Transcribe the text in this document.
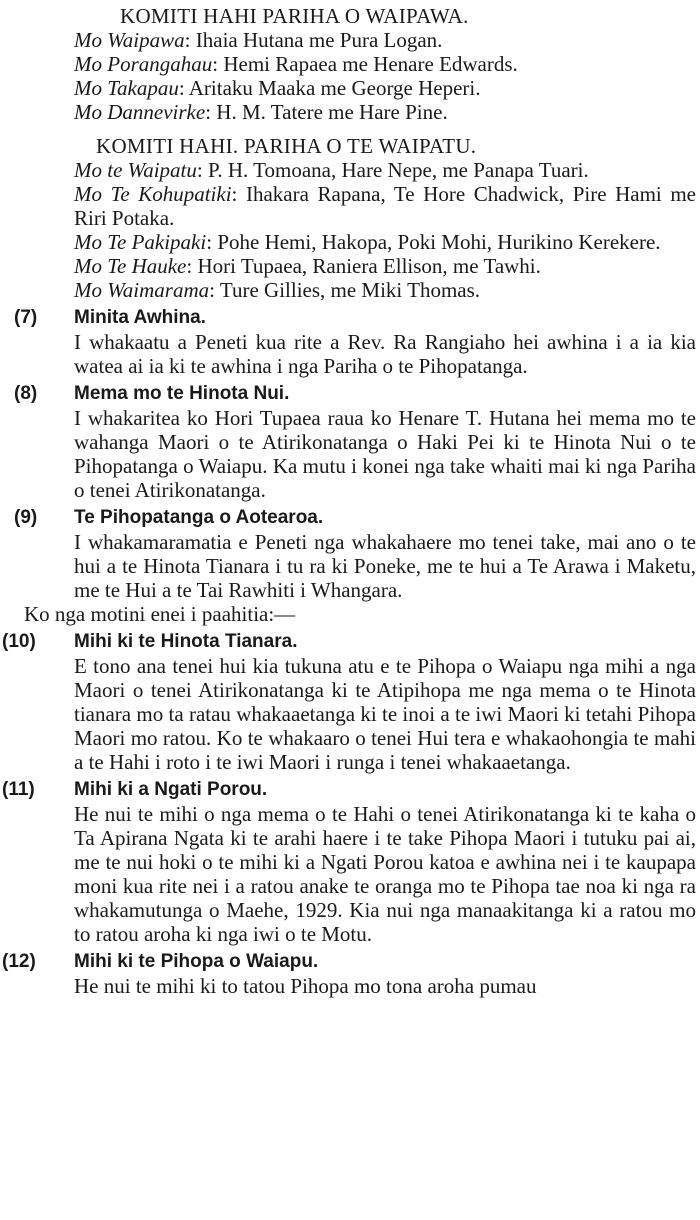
KOMITI HAHI PARIHA O WAIPAWA.
Mo Waipawa: Ihaia Hutana me Pura Logan.
Mo Porangahau: Hemi Rapaea me Henare Edwards.
Mo Takapau: Aritaku Maaka me George Heperi.
Mo Dannevirke: H. M. Tatere me Hare Pine.
KOMITI HAHI. PARIHA O TE WAIPATU.
Mo te Waipatu: P. H. Tomoana, Hare Nepe, me Panapa Tuari.
Mo Te Kohupatiki: Ihakara Rapana, Te Hore Chadwick, Pire Hami me Riri Potaka.
Mo Te Pakipaki: Pohe Hemi, Hakopa, Poki Mohi, Hurikino Kerekere.
Mo Te Hauke: Hori Tupaea, Raniera Ellison, me Tawhi.
Mo Waimarama: Ture Gillies, me Miki Thomas.
(7)	Minita Awhina.

I whakaatu a Peneti kua rite a Rev. Ra Rangiaho hei awhina i a ia kia watea ai ia ki te awhina i nga Pariha o te Pihopatanga.

(8)	Mema mo te Hinota Nui.

I whakaritea ko Hori Tupaea raua ko Henare T. Hutana hei mema mo te wahanga Maori o te Atirikonatanga o Haki Pei ki te Hinota Nui o te Pihopatanga o Waiapu. Ka mutu i konei nga take whaiti mai ki nga Pariha o tenei Atirikonatanga.

(9)	Te Pihopatanga o Aotearoa.

I whakamaramatia e Peneti nga whakahaere mo tenei take, mai ano o te hui a te Hinota Tianara i tu ra ki Poneke, me te hui a Te Arawa i Maketu, me te Hui a te Tai Rawhiti i Whangara.

Ko nga motini enei i paahitia:—
(10)	Mihi ki te Hinota Tianara.

E tono ana tenei hui kia tukuna atu e te Pihopa o Waiapu nga mihi a nga Maori o tenei Atirikonatanga ki te Atipihopa me nga mema o te Hinota tianara mo ta ratau whakaaetanga ki te inoi a te iwi Maori ki tetahi Pihopa Maori mo ratou. Ko te whakaaro o tenei Hui tera e whakaohongia te mahi a te Hahi i roto i te iwi Maori i runga i tenei whakaaetanga.

(11)	Mihi ki a Ngati Porou.

He nui te mihi o nga mema o te Hahi o tenei Atirikonatanga ki te kaha o Ta Apirana Ngata ki te arahi haere i te take Pihopa Maori i tutuku pai ai, me te nui hoki o te mihi ki a Ngati Porou katoa e awhina nei i te kaupapa moni kua rite nei i a ratou anake te oranga mo te Pihopa tae noa ki nga ra whakamutunga o Maehe, 1929. Kia nui nga manaakitanga ki a ratou mo to ratou aroha ki nga iwi o te Motu.

(12)	Mihi ki te Pihopa o Waiapu.

He nui te mihi ki to tatou Pihopa mo tona aroha pumau
